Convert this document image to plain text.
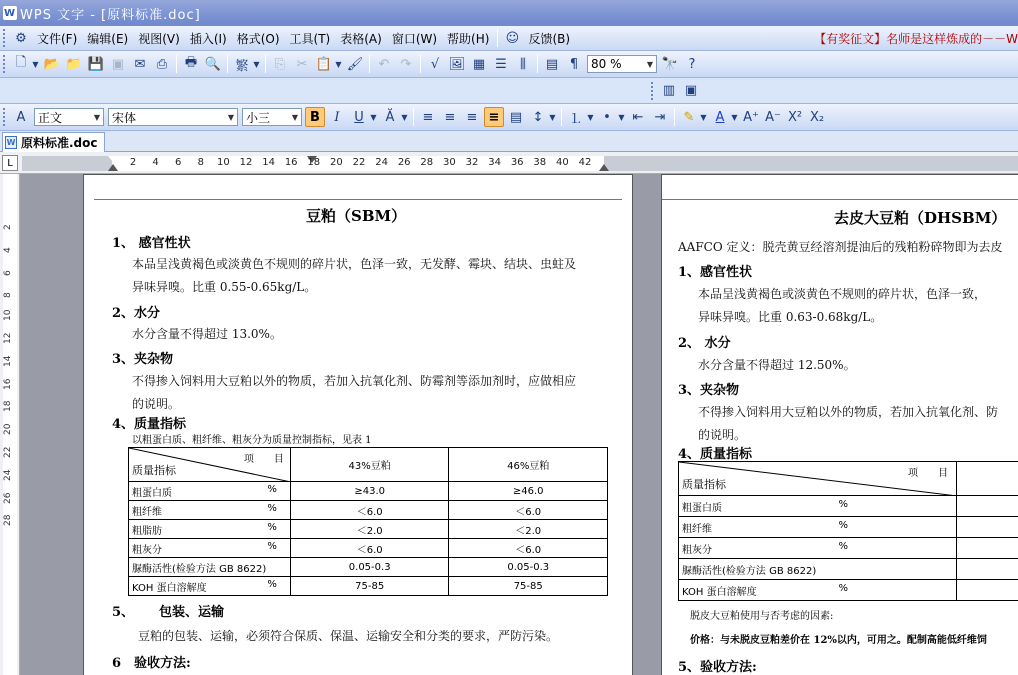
W WPS 文字 - [原料标准.doc]
⚙ 文件(F) 编辑(E) 视图(V) 插入(I) 格式(O) 工具(T) 表格(A) 窗口(W) 帮助(H)	☺ 反馈(B)	【有奖征文】名师是这样炼成的－－W
🗋 ▼ 📂 📁 💾 ▣ ✉ ⎙	🖶 🔍 繁 ▼	⎘ ✂ 📋 ▼ 🖌	↶ ↷	√ 🖼 ▦ ☰	⫼	▤ ¶	80 %	▼ 🔭 ?
▥ ▣
A	正文	▼ 宋体	▼ 小三	▼ B	I	U ▼ Ă ▼	≡ ≡ ≡ ≡ ▤ ↕ ▼ ⒈ ▼ • ▼ ⇤ ⇥	✎ ▼ A ▼ A⁺ A⁻ X² X₂
W 原料标准.doc
L	2	4	6	8	10 12 14 16 18 20 22 24 26 28 30 32 34 36 38 40 42
2
4
6
8
10
12
14
16
18
20
22
24
26
28
豆粕（SBM）
1、 感官性状
本品呈浅黄褐色或淡黄色不规则的碎片状，色泽一致，无发酵、霉块、结块、虫蛀及
异味异嗅。比重 0.55-0.65kg/L。
2、水分
水分含量不得超过 13.0%。
3、夹杂物
不得掺入饲料用大豆粕以外的物质，若加入抗氧化剂、防霉剂等添加剂时，应做相应
的说明。
4、质量指标
以粗蛋白质、粗纤维、粗灰分为质量控制指标，见表 1
项　　目
质量指标	43%豆粕	46%豆粕
粗蛋白质 %	≥43.0	≥46.0
粗纤维 %	＜6.0	＜6.0
粗脂肪 %	＜2.0	＜2.0
粗灰分 %	＜6.0	＜6.0
脲酶活性(检验方法 GB 8622)	0.05-0.3	0.05-0.3
KOH 蛋白溶解度 %	75-85	75-85
5、 包装、运输
豆粕的包装、运输，必须符合保质、保温、运输安全和分类的要求，严防污染。
6　验收方法:
去皮大豆粕（DHSBM）
AAFCO 定义：脱壳黄豆经溶剂提油后的残粕粉碎物即为去皮
1、感官性状
本品呈浅黄褐色或淡黄色不规则的碎片状，色泽一致，
异味异嗅。比重 0.63-0.68kg/L。
2、 水分
水分含量不得超过 12.50%。
3、夹杂物
不得掺入饲料用大豆粕以外的物质，若加入抗氧化剂、防
的说明。
4、质量指标
项　　目
质量指标	

粗蛋白质 %	

粗纤维 %	

粗灰分 %	

脲酶活性(检验方法 GB 8622)	
KOH 蛋白溶解度 %	

脱皮大豆粕使用与否考虑的因素:
价格：与未脱皮豆粕差价在 12%以内，可用之。配制高能低纤维饲
5、验收方法:
